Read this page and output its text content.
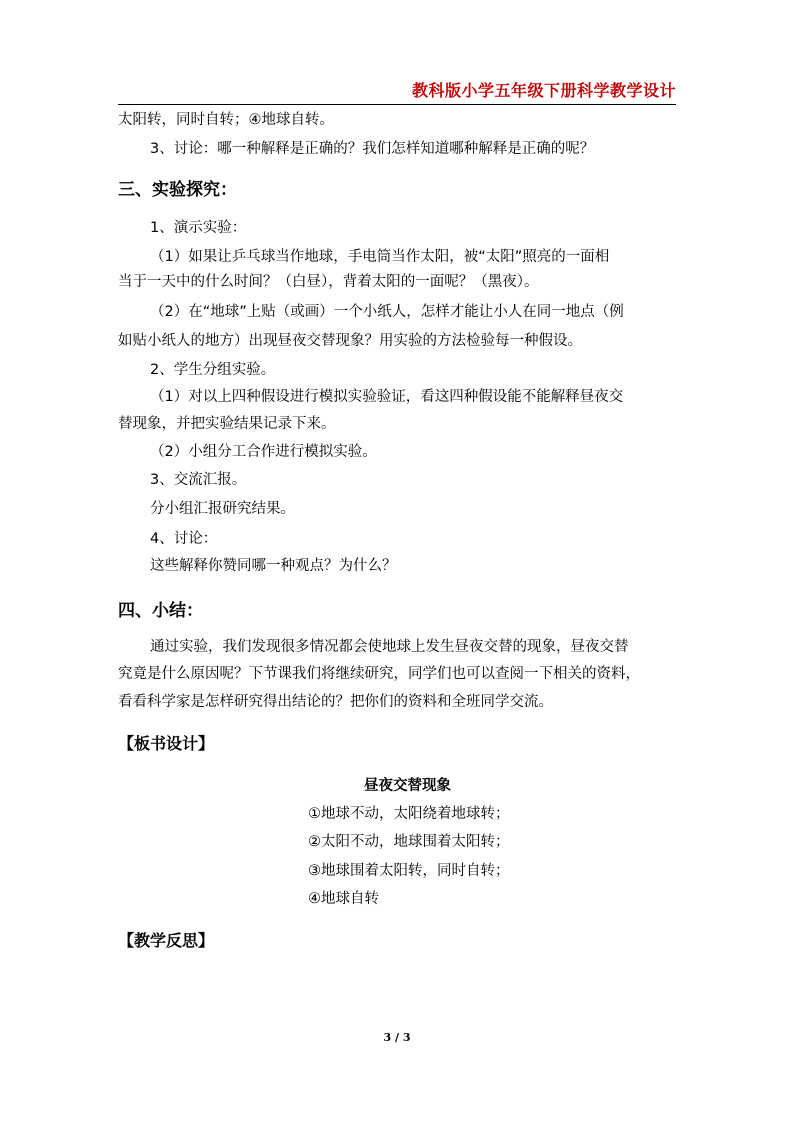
教科版小学五年级下册科学教学设计
太阳转，同时自转；④地球自转。
3、讨论：哪一种解释是正确的？我们怎样知道哪种解释是正确的呢？
三、实验探究：
1、演示实验：
（1）如果让乒乓球当作地球，手电筒当作太阳，被“太阳”照亮的一面相
当于一天中的什么时间？（白昼），背着太阳的一面呢？（黑夜）。
（2）在“地球”上贴（或画）一个小纸人，怎样才能让小人在同一地点（例
如贴小纸人的地方）出现昼夜交替现象？用实验的方法检验每一种假设。
2、学生分组实验。
（1）对以上四种假设进行模拟实验验证，看这四种假设能不能解释昼夜交
替现象，并把实验结果记录下来。
（2）小组分工合作进行模拟实验。
3、交流汇报。
分小组汇报研究结果。
4、讨论：
这些解释你赞同哪一种观点？为什么？
四、小结：
通过实验，我们发现很多情况都会使地球上发生昼夜交替的现象，昼夜交替
究竟是什么原因呢？下节课我们将继续研究，同学们也可以查阅一下相关的资料，
看看科学家是怎样研究得出结论的？把你们的资料和全班同学交流。
【板书设计】
昼夜交替现象
①地球不动，太阳绕着地球转；
②太阳不动，地球围着太阳转；
③地球围着太阳转，同时自转；
④地球自转
【教学反思】
3 / 3
